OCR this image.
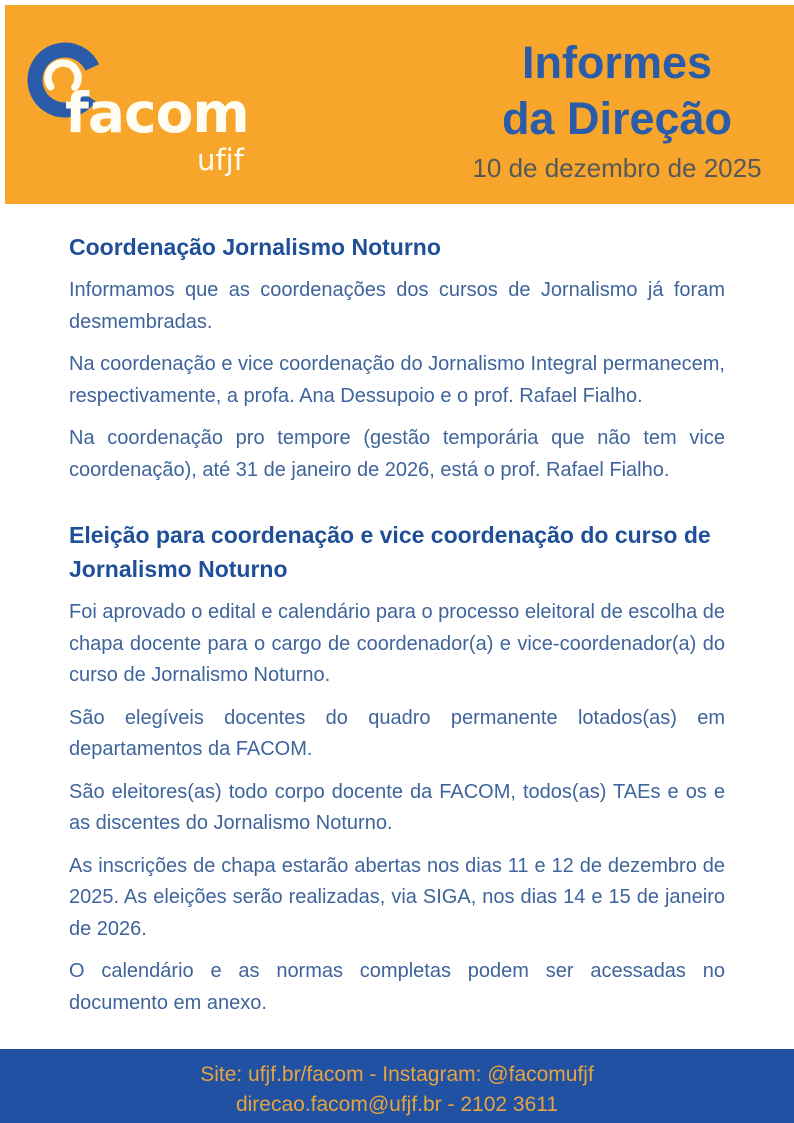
facom
ufjf
Informes
da Direção
10 de dezembro de 2025
Coordenação Jornalismo Noturno

Informamos que as coordenações dos cursos de Jornalismo já foram desmembradas.

Na coordenação e vice coordenação do Jornalismo Integral permanecem, respectivamente, a profa. Ana Dessupoio e o prof. Rafael Fialho.

Na coordenação pro tempore (gestão temporária que não tem vice coordenação), até 31 de janeiro de 2026, está o prof. Rafael Fialho.

Eleição para coordenação e vice coordenação do curso de Jornalismo Noturno

Foi aprovado o edital e calendário para o processo eleitoral de escolha de chapa docente para o cargo de coordenador(a) e vice-coordenador(a) do curso de Jornalismo Noturno.

São elegíveis docentes do quadro permanente lotados(as) em departamentos da FACOM.

São eleitores(as) todo corpo docente da FACOM, todos(as) TAEs e os e as discentes do Jornalismo Noturno.

As inscrições de chapa estarão abertas nos dias 11 e 12 de dezembro de 2025. As eleições serão realizadas, via SIGA, nos dias 14 e 15 de janeiro de 2026.

O calendário e as normas completas podem ser acessadas no documento em anexo.

Site: ufjf.br/facom - Instagram: @facomufjf
direcao.facom@ufjf.br - 2102 3611
